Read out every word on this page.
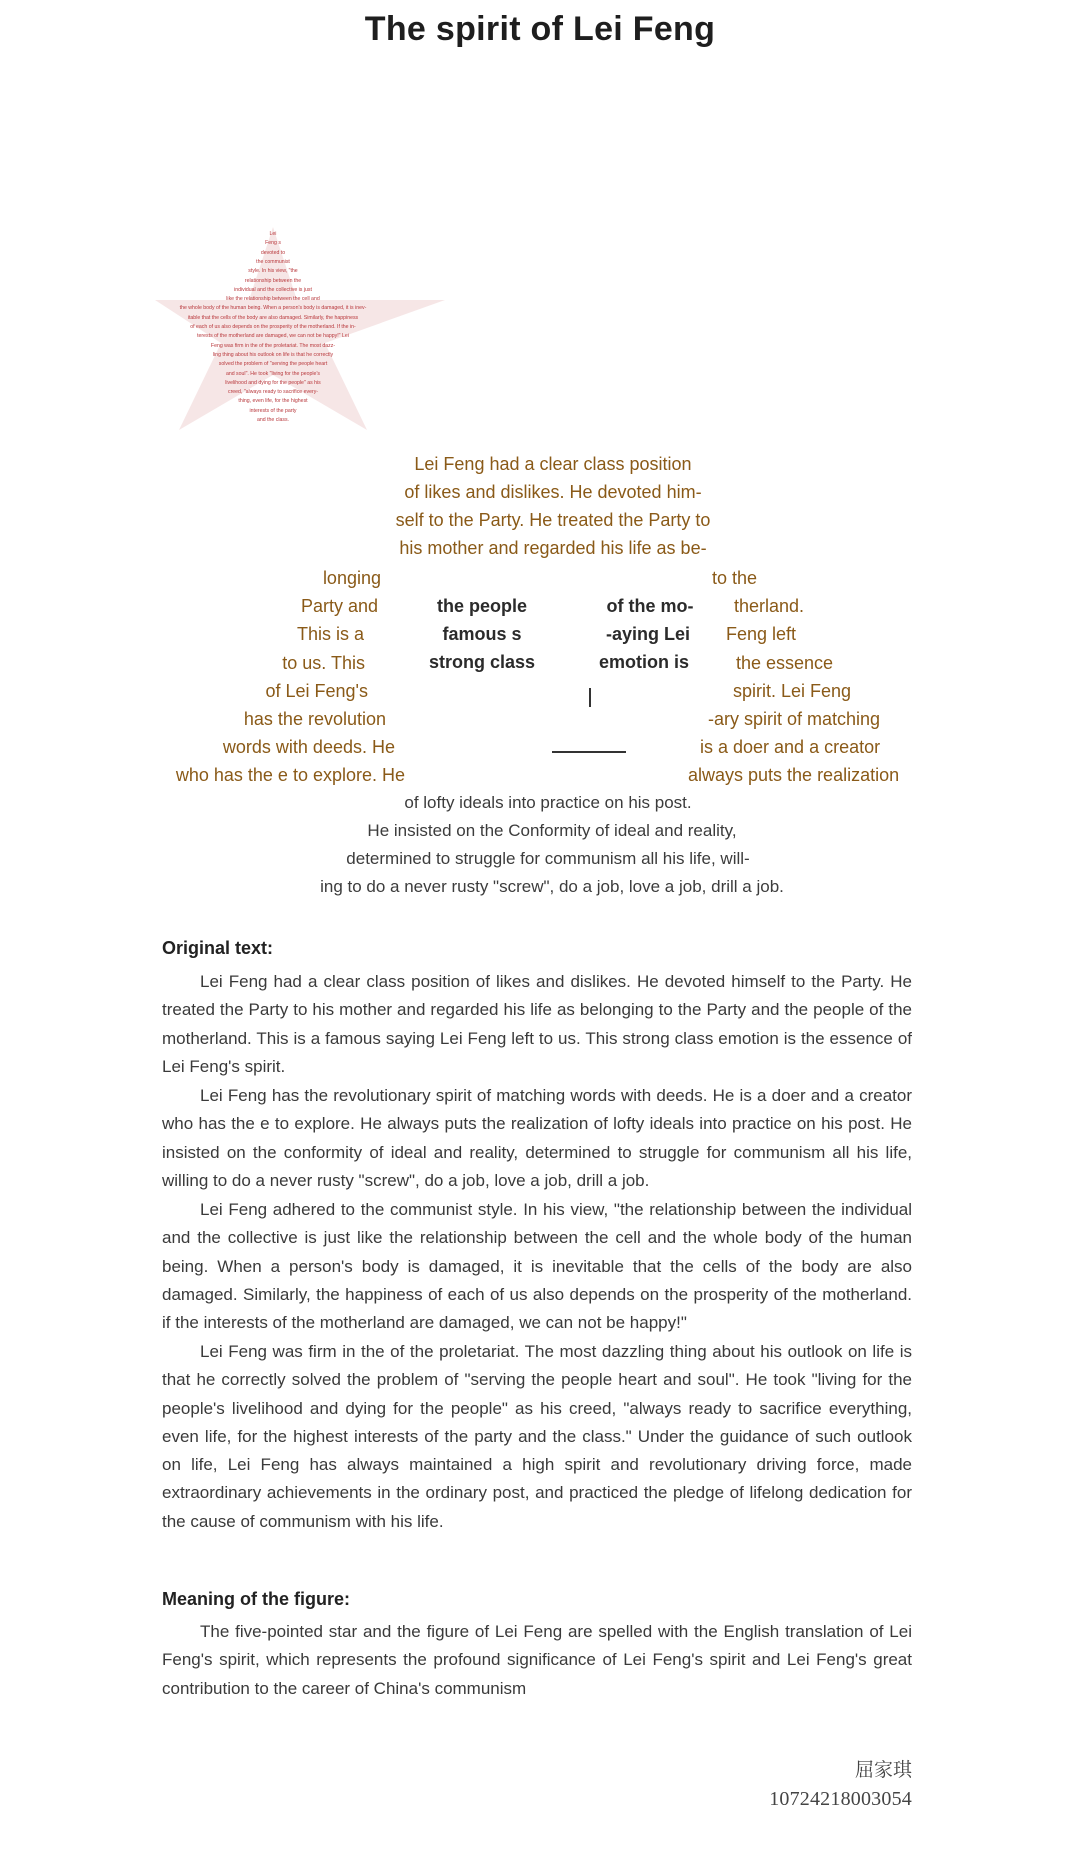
The spirit of Lei Feng
Lei
Feng s
devoted to
the communist
style. In his view, "the
relationship between the
individual and the collective is just
like the relationship between the cell and
the whole body of the human being. When a person's body is damaged, it is inev-
itable that the cells of the body are also damaged. Similarly, the happiness
of each of us also depends on the prosperity of the motherland. If the in-
terests of the motherland are damaged, we can not be happy!" Lei
Feng was firm in the of the proletariat. The most dazz-
ling thing about his outlook on life is that he correctly
solved the problem of "serving the people heart
and soul". He took "living for the people's
livelihood and dying for the people" as his
creed, "always ready to sacrifice every-
thing, even life, for the highest
interests of the party
and the class.
Lei Feng had a clear class position
of likes and dislikes. He devoted him-
self to the Party. He treated the Party to
his mother and regarded his life as be-
longing
Party and
This is a
to us. This
of Lei Feng's
has the revolution
words with deeds. He
who has the e to explore. He
the people
famous s
strong class
of the mo-
-aying Lei
emotion is
to the
therland.
Feng left
the essence
spirit. Lei Feng
-ary spirit of matching
is a doer and a creator
always puts the realization
of lofty ideals into practice on his post.
He insisted on the Conformity of ideal and reality,
determined to struggle for communism all his life, will-
ing to do a never rusty "screw", do a job, love a job, drill a job.
Original text:

Lei Feng had a clear class position of likes and dislikes. He devoted himself to the Party. He treated the Party to his mother and regarded his life as belonging to the Party and the people of the motherland. This is a famous saying Lei Feng left to us. This strong class emotion is the essence of Lei Feng's spirit.

Lei Feng has the revolutionary spirit of matching words with deeds. He is a doer and a creator who has the e to explore. He always puts the realization of lofty ideals into practice on his post. He insisted on the conformity of ideal and reality, determined to struggle for communism all his life, willing to do a never rusty "screw", do a job, love a job, drill a job.

Lei Feng adhered to the communist style. In his view, "the relationship between the individual and the collective is just like the relationship between the cell and the whole body of the human being. When a person's body is damaged, it is inevitable that the cells of the body are also damaged. Similarly, the happiness of each of us also depends on the prosperity of the motherland. if the interests of the motherland are damaged, we can not be happy!"

Lei Feng was firm in the of the proletariat. The most dazzling thing about his outlook on life is that he correctly solved the problem of "serving the people heart and soul". He took "living for the people's livelihood and dying for the people" as his creed, "always ready to sacrifice everything, even life, for the highest interests of the party and the class." Under the guidance of such outlook on life, Lei Feng has always maintained a high spirit and revolutionary driving force, made extraordinary achievements in the ordinary post, and practiced the pledge of lifelong dedication for the cause of communism with his life.

Meaning of the figure:

The five-pointed star and the figure of Lei Feng are spelled with the English translation of Lei Feng's spirit, which represents the profound significance of Lei Feng's spirit and Lei Feng's great contribution to the career of China's communism

屈家琪
10724218003054
